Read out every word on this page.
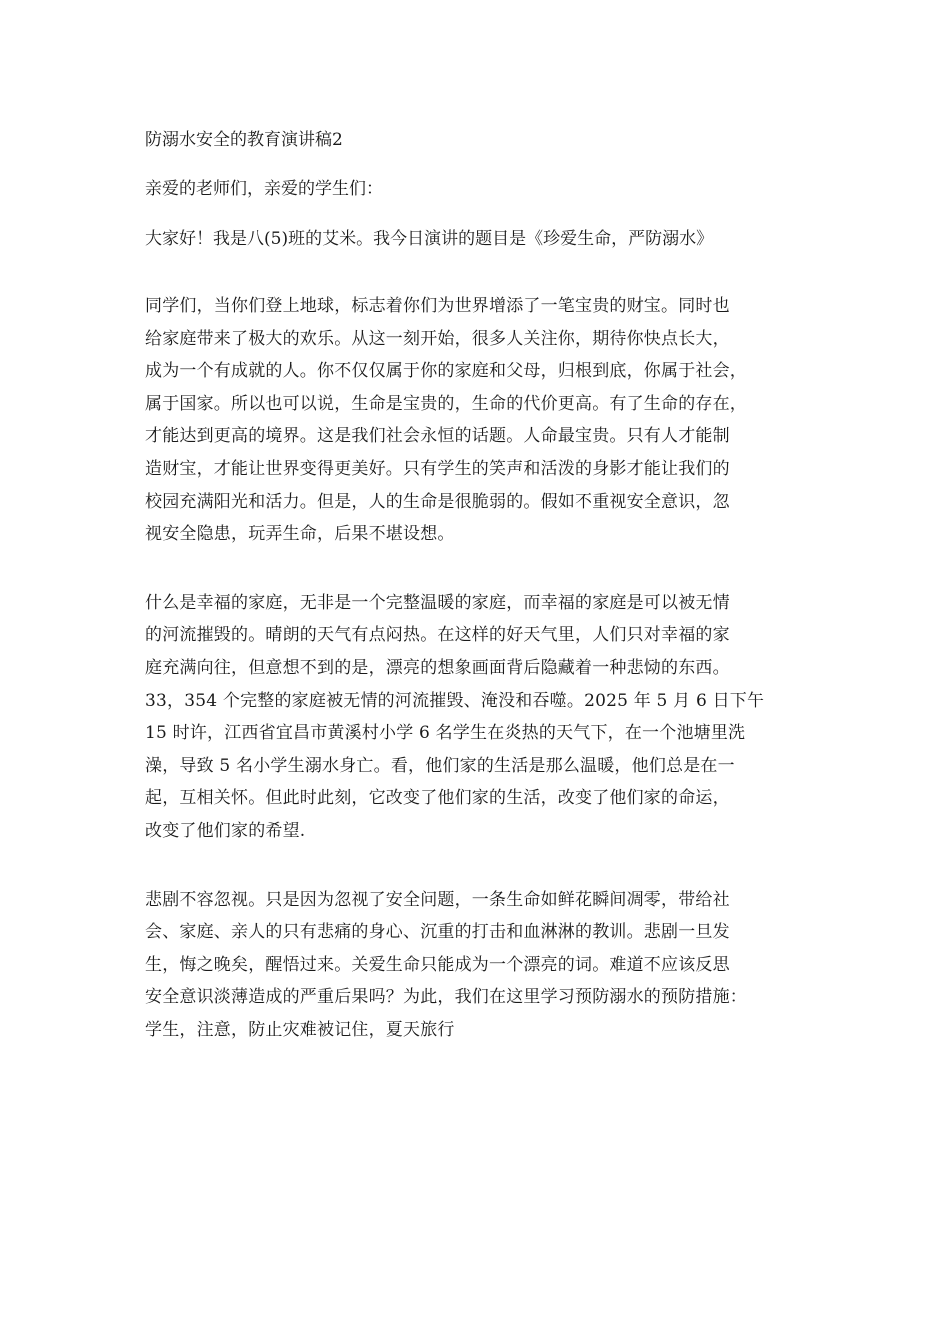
防溺水安全的教育演讲稿2
亲爱的老师们，亲爱的学生们：
大家好！我是八(5)班的艾米。我今日演讲的题目是《珍爱生命，严防溺水》
同学们，当你们登上地球，标志着你们为世界增添了一笔宝贵的财宝。同时也
给家庭带来了极大的欢乐。从这一刻开始，很多人关注你，期待你快点长大，
成为一个有成就的人。你不仅仅属于你的家庭和父母，归根到底，你属于社会，
属于国家。所以也可以说，生命是宝贵的，生命的代价更高。有了生命的存在，
才能达到更高的境界。这是我们社会永恒的话题。人命最宝贵。只有人才能制
造财宝，才能让世界变得更美好。只有学生的笑声和活泼的身影才能让我们的
校园充满阳光和活力。但是，人的生命是很脆弱的。假如不重视安全意识，忽
视安全隐患，玩弄生命，后果不堪设想。
什么是幸福的家庭，无非是一个完整温暖的家庭，而幸福的家庭是可以被无情
的河流摧毁的。晴朗的天气有点闷热。在这样的好天气里，人们只对幸福的家
庭充满向往，但意想不到的是，漂亮的想象画面背后隐藏着一种悲恸的东西。
33，354 个完整的家庭被无情的河流摧毁、淹没和吞噬。2025 年 5 月 6 日下午
15 时许，江西省宜昌市黄溪村小学 6 名学生在炎热的天气下，在一个池塘里洗
澡，导致 5 名小学生溺水身亡。看，他们家的生活是那么温暖，他们总是在一
起，互相关怀。但此时此刻，它改变了他们家的生活，改变了他们家的命运，
改变了他们家的希望.
悲剧不容忽视。只是因为忽视了安全问题，一条生命如鲜花瞬间凋零，带给社
会、家庭、亲人的只有悲痛的身心、沉重的打击和血淋淋的教训。悲剧一旦发
生，悔之晚矣，醒悟过来。关爱生命只能成为一个漂亮的词。难道不应该反思
安全意识淡薄造成的严重后果吗？为此，我们在这里学习预防溺水的预防措施：
学生，注意，防止灾难被记住，夏天旅行
